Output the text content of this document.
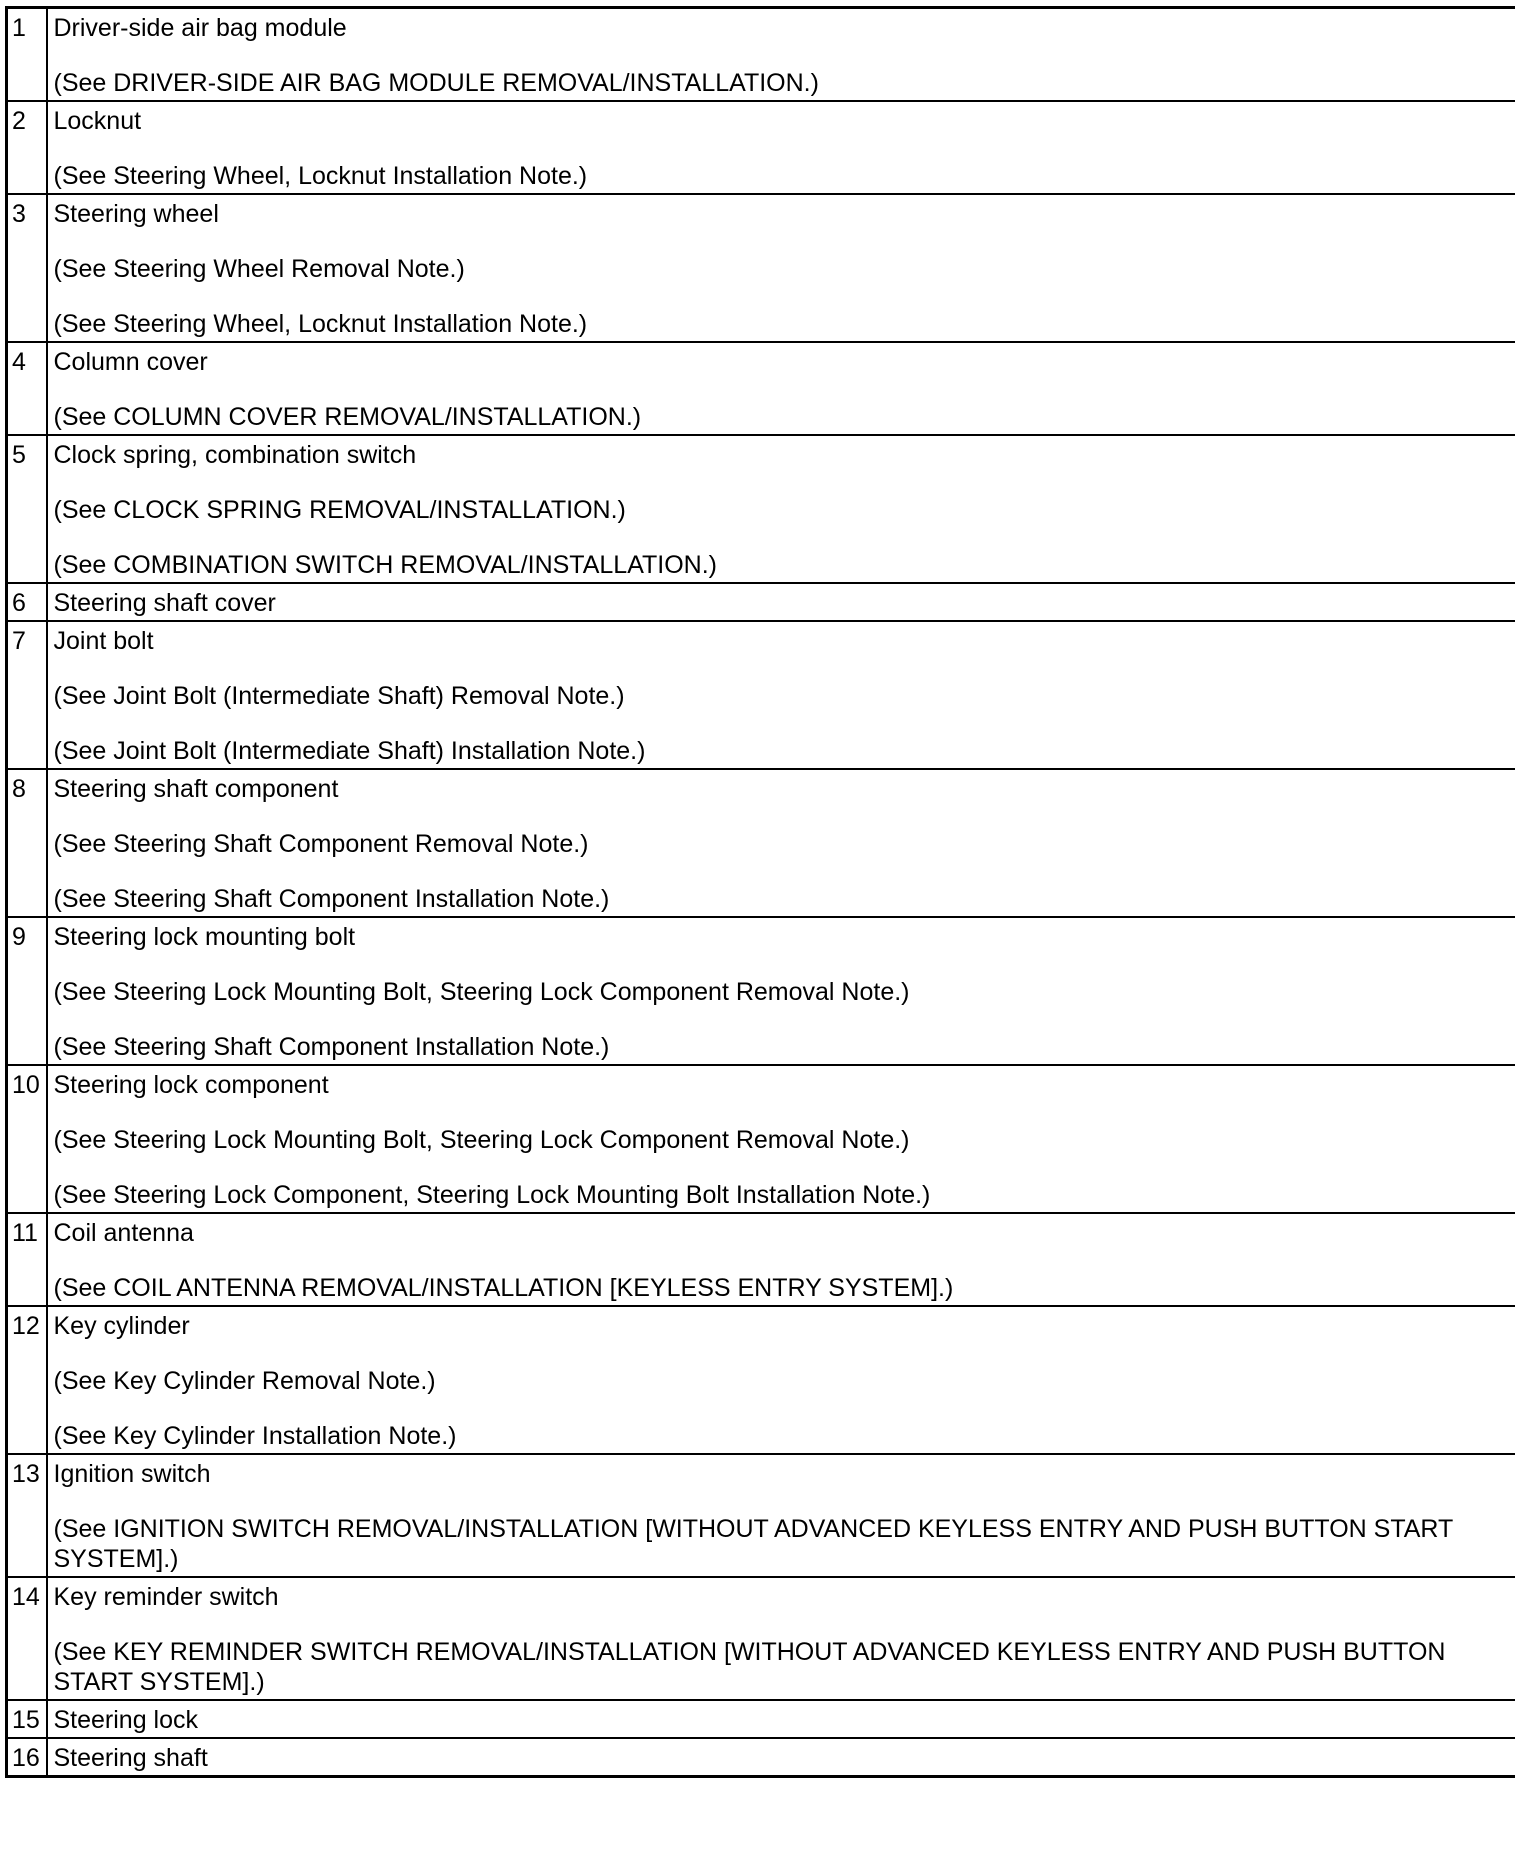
1	Driver-side air bag module
(See DRIVER-SIDE AIR BAG MODULE REMOVAL/INSTALLATION.)

2	Locknut
(See Steering Wheel, Locknut Installation Note.)

3	Steering wheel
(See Steering Wheel Removal Note.)
(See Steering Wheel, Locknut Installation Note.)

4	Column cover
(See COLUMN COVER REMOVAL/INSTALLATION.)

5	Clock spring, combination switch
(See CLOCK SPRING REMOVAL/INSTALLATION.)
(See COMBINATION SWITCH REMOVAL/INSTALLATION.)

6	Steering shaft cover

7	Joint bolt
(See Joint Bolt (Intermediate Shaft) Removal Note.)
(See Joint Bolt (Intermediate Shaft) Installation Note.)

8	Steering shaft component
(See Steering Shaft Component Removal Note.)
(See Steering Shaft Component Installation Note.)

9	Steering lock mounting bolt
(See Steering Lock Mounting Bolt, Steering Lock Component Removal Note.)
(See Steering Shaft Component Installation Note.)

10	Steering lock component
(See Steering Lock Mounting Bolt, Steering Lock Component Removal Note.)
(See Steering Lock Component, Steering Lock Mounting Bolt Installation Note.)

11	Coil antenna
(See COIL ANTENNA REMOVAL/INSTALLATION [KEYLESS ENTRY SYSTEM].)

12	Key cylinder
(See Key Cylinder Removal Note.)
(See Key Cylinder Installation Note.)

13	Ignition switch
(See IGNITION SWITCH REMOVAL/INSTALLATION [WITHOUT ADVANCED KEYLESS ENTRY AND PUSH BUTTON START SYSTEM].)

14	Key reminder switch
(See KEY REMINDER SWITCH REMOVAL/INSTALLATION [WITHOUT ADVANCED KEYLESS ENTRY AND PUSH BUTTON START SYSTEM].)

15	Steering lock

16	Steering shaft
